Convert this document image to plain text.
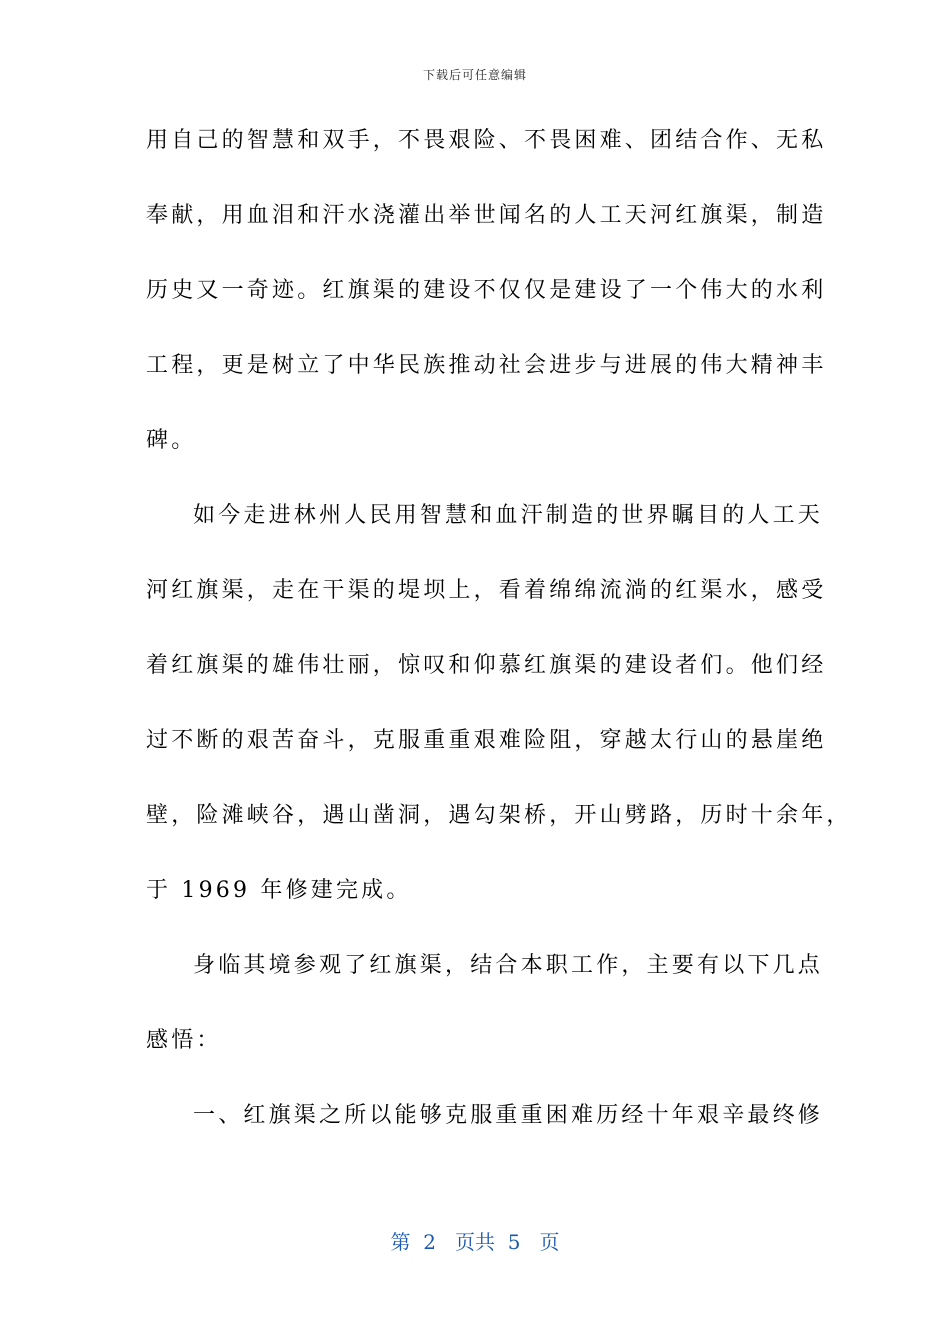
下载后可任意编辑
用自己的智慧和双手，不畏艰险、不畏困难、团结合作、无私
奉献，用血泪和汗水浇灌出举世闻名的人工天河红旗渠，制造
历史又一奇迹。红旗渠的建设不仅仅是建设了一个伟大的水利
工程，更是树立了中华民族推动社会进步与进展的伟大精神丰
碑。
如今走进林州人民用智慧和血汗制造的世界瞩目的人工天
河红旗渠，走在干渠的堤坝上，看着绵绵流淌的红渠水，感受
着红旗渠的雄伟壮丽，惊叹和仰慕红旗渠的建设者们。他们经
过不断的艰苦奋斗，克服重重艰难险阻，穿越太行山的悬崖绝
壁，险滩峡谷，遇山凿洞，遇勾架桥，开山劈路，历时十余年，
于 1969 年修建完成。
身临其境参观了红旗渠，结合本职工作，主要有以下几点
感悟：
一、红旗渠之所以能够克服重重困难历经十年艰辛最终修
第  2   页共  5   页
